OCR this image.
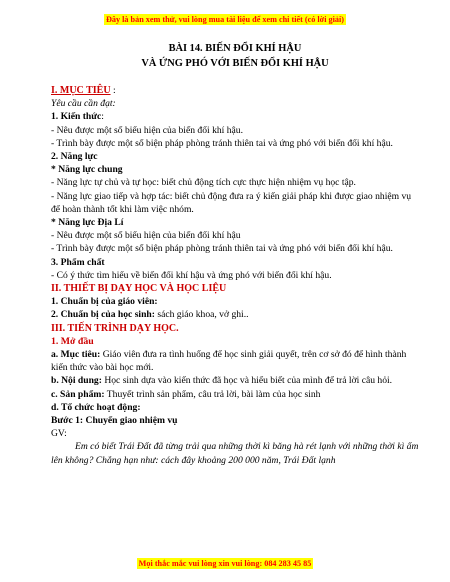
Đây là bản xem thử, vui lòng mua tài liệu để xem chi tiết (có lời giải)

BÀI 14. BIẾN ĐỔI KHÍ HẬU

VÀ ỨNG PHÓ VỚI BIẾN ĐỔI KHÍ HẬU

I. MỤC TIÊU :

Yêu cầu cần đạt:

1. Kiến thức:

- Nêu được một số biểu hiện của biến đổi khí hậu.

- Trình bày được một số biện pháp phòng tránh thiên tai và ứng phó với biến đổi khí hậu.

2. Năng lực

* Năng lực chung

- Năng lực tự chủ và tự học: biết chủ động tích cực thực hiện nhiệm vụ học tập.

- Năng lực giao tiếp và hợp tác: biết chủ động đưa ra ý kiến giải pháp khi được giao nhiệm vụ để hoàn thành tốt khi làm việc nhóm.

* Năng lực Địa Lí

- Nêu được một số biểu hiện của biến đổi khí hậu

- Trình bày được một số biện pháp phòng tránh thiên tai và ứng phó với biến đổi khí hậu.

3. Phẩm chất

- Có ý thức tìm hiểu về biến đổi khí hậu và ứng phó với biến đổi khí hậu.

II. THIẾT BỊ DẠY HỌC VÀ HỌC LIỆU

1. Chuẩn bị của giáo viên:

2. Chuẩn bị của học sinh: sách giáo khoa, vở ghi..

III. TIẾN TRÌNH DẠY HỌC.

1. Mở đầu

a. Mục tiêu: Giáo viên đưa ra tình huống để học sinh giải quyết, trên cơ sở đó để hình thành kiến thức vào bài học mới.

b. Nội dung: Học sinh dựa vào kiến thức đã học và hiểu biết của mình để trả lời câu hỏi.

c. Sản phẩm: Thuyết trình sản phẩm, câu trả lời, bài làm của học sinh

d. Tổ chức hoạt động:

Bước 1: Chuyển giao nhiệm vụ

GV:

Em có biết Trái Đất đã từng trải qua những thời kì băng hà rét lạnh với những thời kì ấm lên không? Chẳng hạn như: cách đây khoảng 200 000 năm, Trái Đất lạnh

Mọi thắc mắc vui lòng xin vui lòng: 084 283 45 85
